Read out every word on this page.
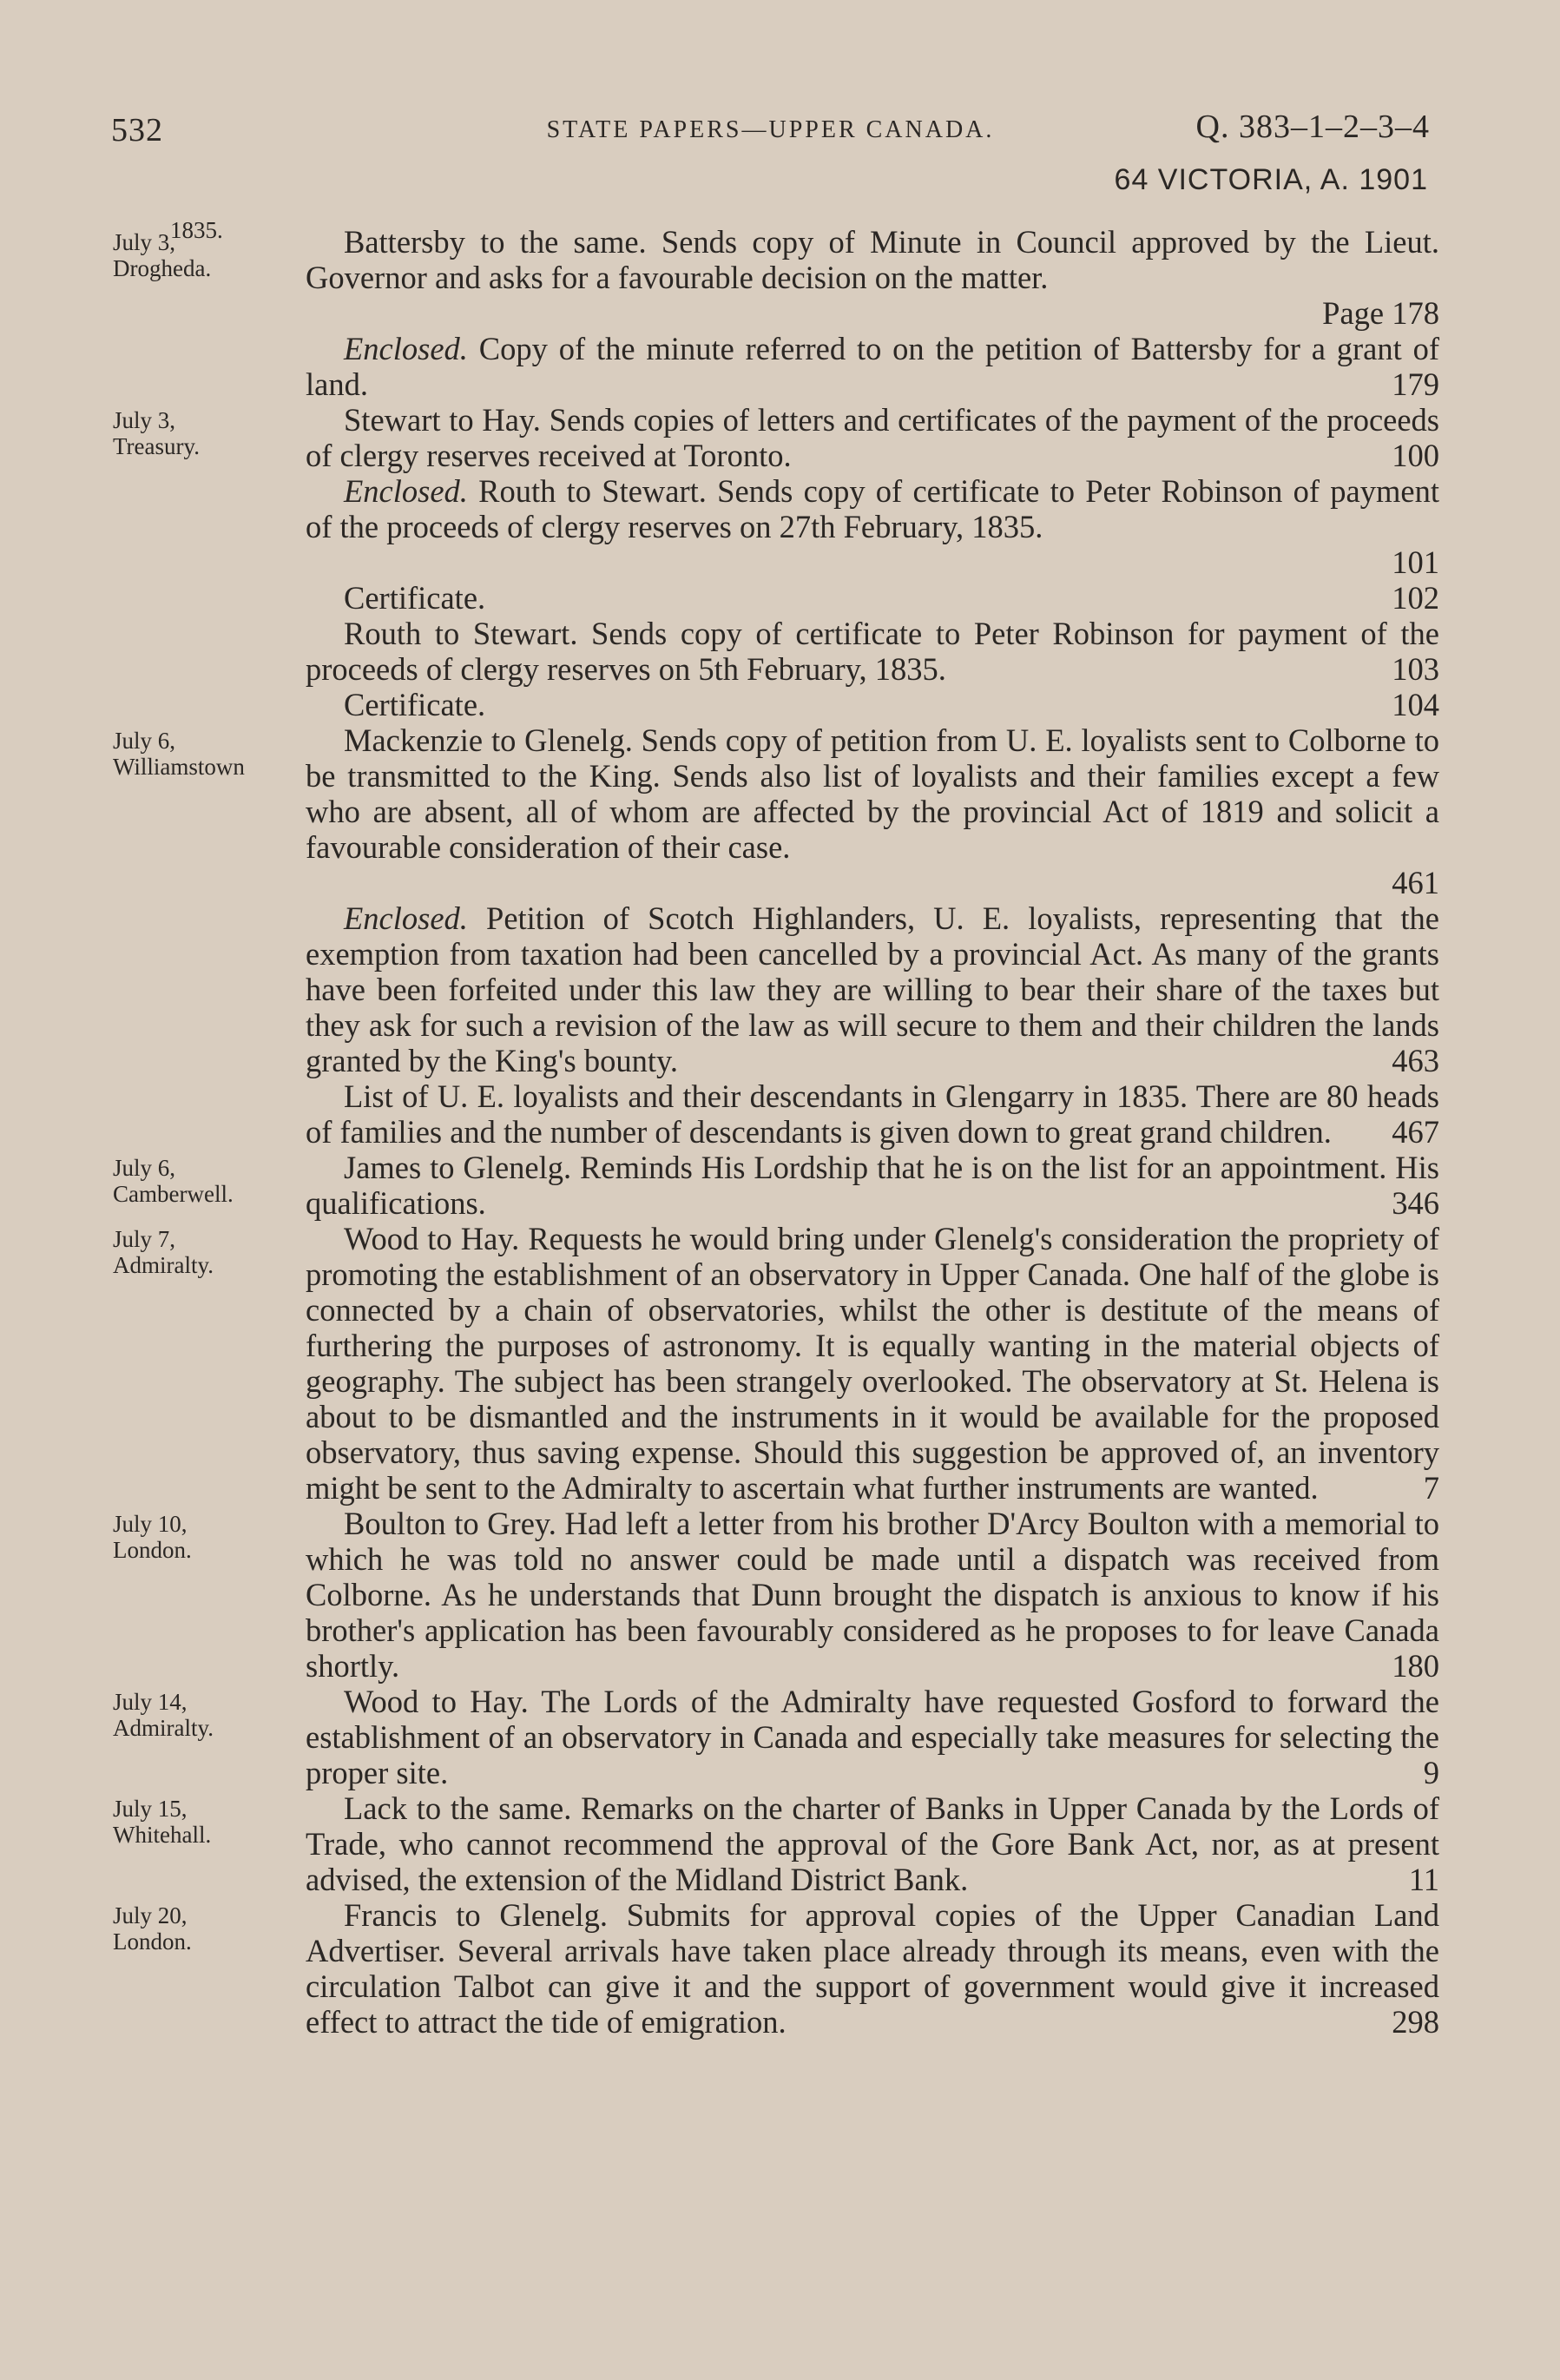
532	STATE PAPERS—UPPER CANADA.	Q. 383–1–2–3–4
64 VICTORIA, A. 1901
1835.
July 3,
Drogheda.

Battersby to the same. Sends copy of Minute in Council approved by the Lieut. Governor and asks for a favourable decision on the matter.
Page 178

Enclosed. Copy of the minute referred to on the petition of Battersby for a grant of land.	179

July 3,
Treasury.

Stewart to Hay. Sends copies of letters and certificates of the payment of the proceeds of clergy reserves received at Toronto.	100

Enclosed. Routh to Stewart. Sends copy of certificate to Peter Robinson of payment of the proceeds of clergy reserves on 27th February, 1835.
101

Certificate.	102

Routh to Stewart. Sends copy of certificate to Peter Robinson for payment of the proceeds of clergy reserves on 5th February, 1835.	103

Certificate.	104

July 6,
Williamstown

Mackenzie to Glenelg. Sends copy of petition from U. E. loyalists sent to Colborne to be transmitted to the King. Sends also list of loyalists and their families except a few who are absent, all of whom are affected by the provincial Act of 1819 and solicit a favourable consideration of their case.
461

Enclosed. Petition of Scotch Highlanders, U. E. loyalists, representing that the exemption from taxation had been cancelled by a provincial Act. As many of the grants have been forfeited under this law they are willing to bear their share of the taxes but they ask for such a revision of the law as will secure to them and their children the lands granted by the King's bounty.	463

List of U. E. loyalists and their descendants in Glengarry in 1835. There are 80 heads of families and the number of descendants is given down to great grand children. 467

July 6,
Camberwell.

James to Glenelg. Reminds His Lordship that he is on the list for an appointment. His qualifications.	346

July 7,
Admiralty.

Wood to Hay. Requests he would bring under Glenelg's consideration the propriety of promoting the establishment of an observatory in Upper Canada. One half of the globe is connected by a chain of observatories, whilst the other is destitute of the means of furthering the purposes of astronomy. It is equally wanting in the material objects of geography. The subject has been strangely overlooked. The observatory at St. Helena is about to be dismantled and the instruments in it would be available for the proposed observatory, thus saving expense. Should this suggestion be approved of, an inventory might be sent to the Admiralty to ascertain what further instruments are wanted.	7

July 10,
London.

Boulton to Grey. Had left a letter from his brother D'Arcy Boulton with a memorial to which he was told no answer could be made until a dispatch was received from Colborne. As he understands that Dunn brought the dispatch is anxious to know if his brother's application has been favourably considered as he proposes to for leave Canada shortly.	180

July 14,
Admiralty.

Wood to Hay. The Lords of the Admiralty have requested Gosford to forward the establishment of an observatory in Canada and especially take measures for selecting the proper site.	9

July 15,
Whitehall.

Lack to the same. Remarks on the charter of Banks in Upper Canada by the Lords of Trade, who cannot recommend the approval of the Gore Bank Act, nor, as at present advised, the extension of the Midland District Bank.	11

July 20,
London.

Francis to Glenelg. Submits for approval copies of the Upper Canadian Land Advertiser. Several arrivals have taken place already through its means, even with the circulation Talbot can give it and the support of government would give it increased effect to attract the tide of emigration.	298
